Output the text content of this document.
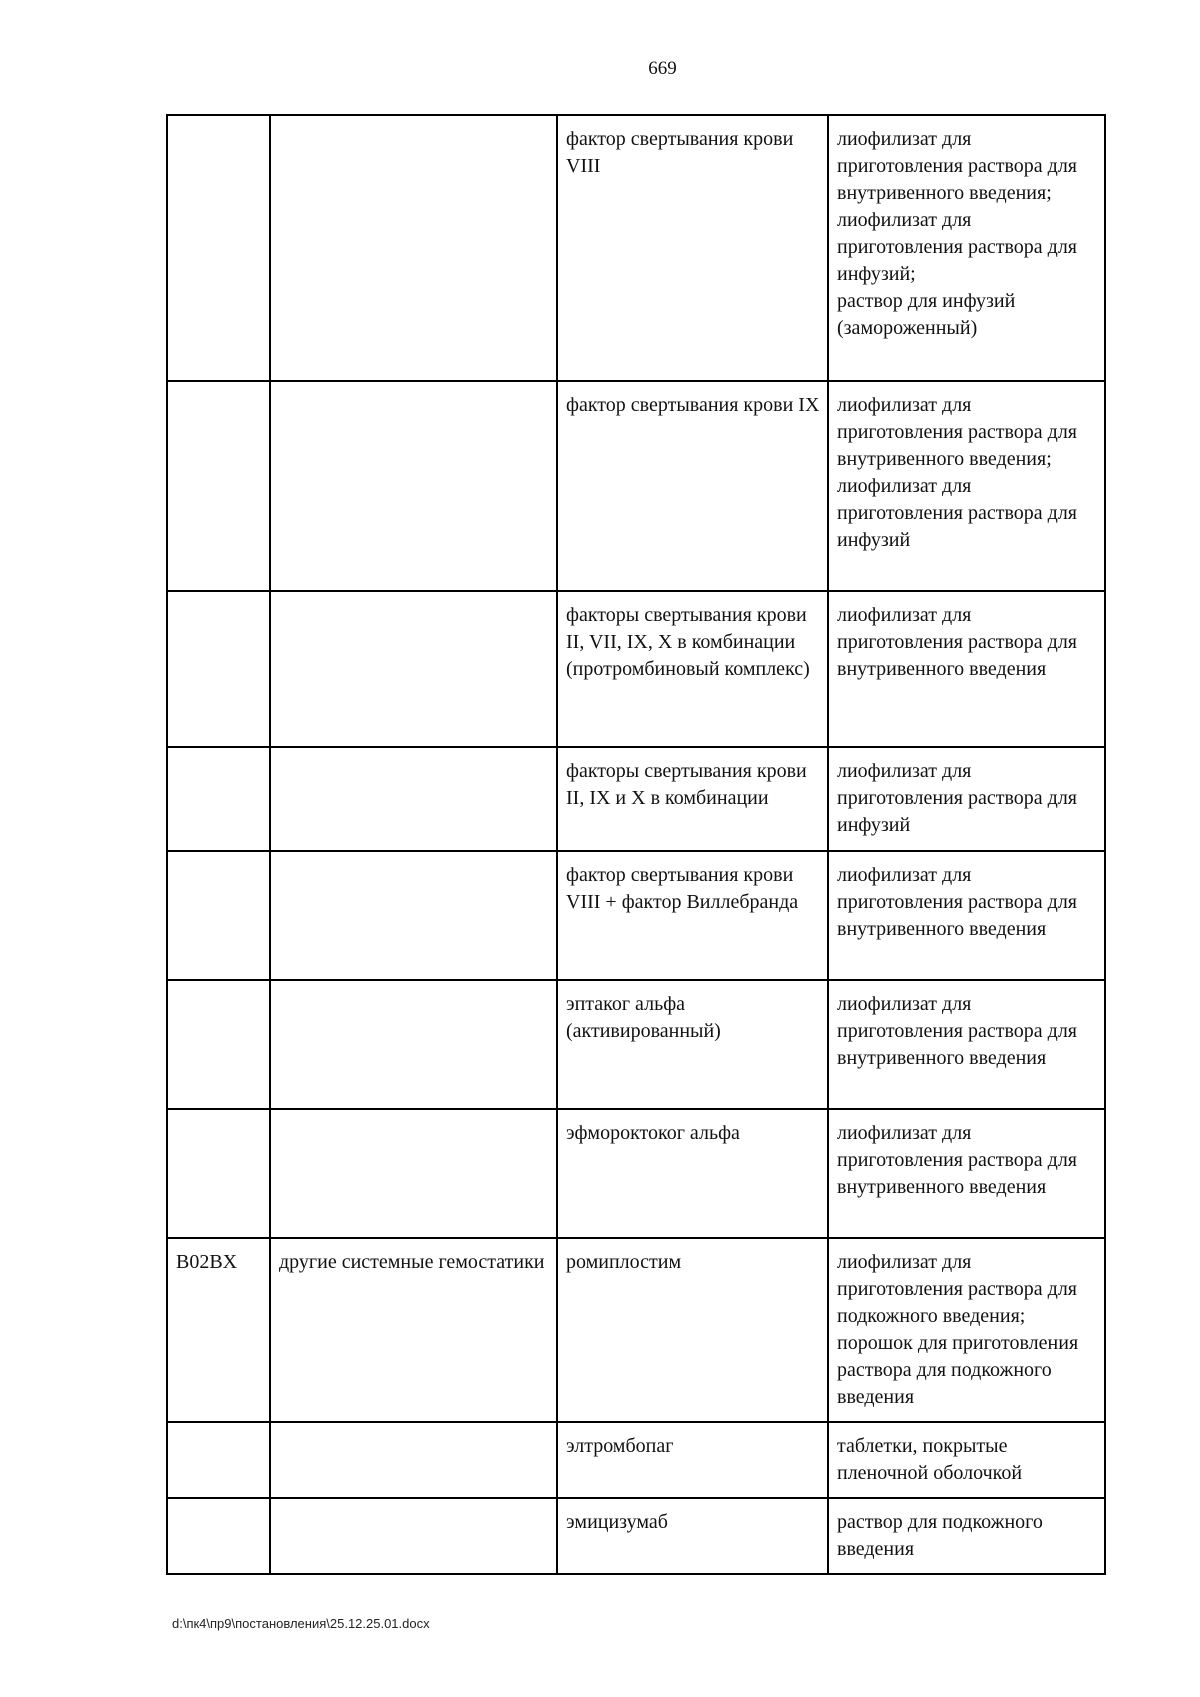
669
		фактор свертывания крови VIII	лиофилизат для приготовления раствора для внутривенного введения;
лиофилизат для приготовления раствора для инфузий;
раствор для инфузий (замороженный)
		фактор свертывания крови IX	лиофилизат для приготовления раствора для внутривенного введения;
лиофилизат для приготовления раствора для инфузий
		факторы свертывания крови II, VII, IX, X в комбинации (протромбиновый комплекс)	лиофилизат для приготовления раствора для внутривенного введения
		факторы свертывания крови II, IX и X в комбинации	лиофилизат для приготовления раствора для инфузий
		фактор свертывания крови VIII + фактор Виллебранда	лиофилизат для приготовления раствора для внутривенного введения
		эптаког альфа (активированный)	лиофилизат для приготовления раствора для внутривенного введения
		эфмороктоког альфа	лиофилизат для приготовления раствора для внутривенного введения
B02BX	другие системные гемостатики	ромиплостим	лиофилизат для приготовления раствора для подкожного введения;
порошок для приготовления раствора для подкожного введения
		элтромбопаг	таблетки, покрытые пленочной оболочкой
		эмицизумаб	раствор для подкожного введения
d:\пк4\пр9\постановления\25.12.25.01.docx
